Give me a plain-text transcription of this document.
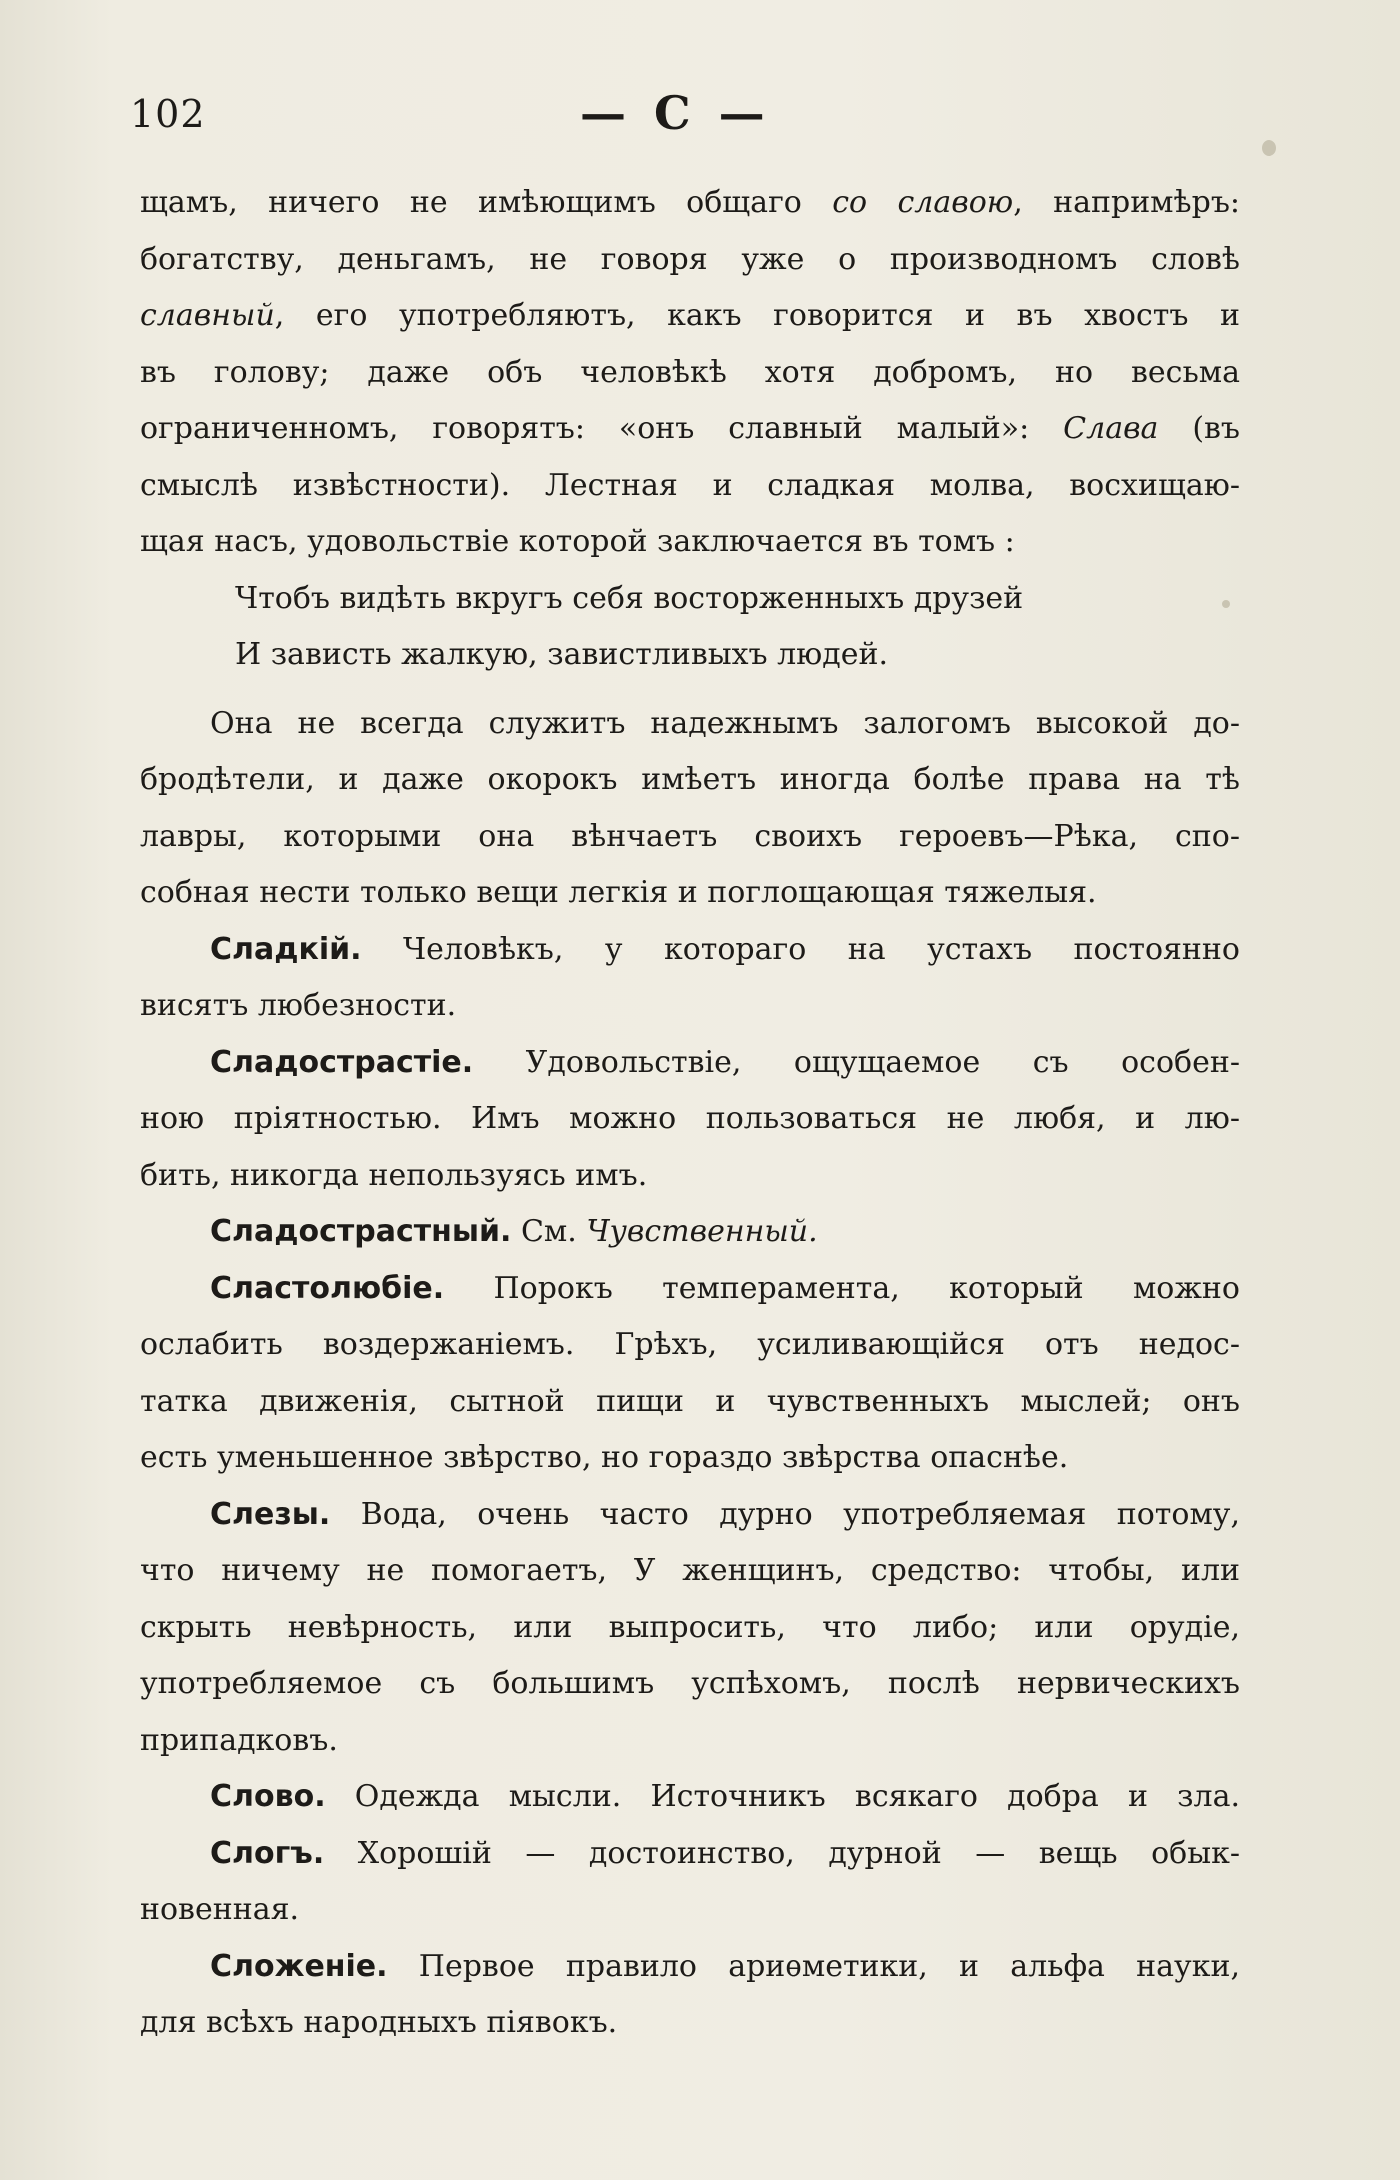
102	— С —
щамъ, ничего не имѣющимъ общаго со славою, напримѣръ:
богатству, деньгамъ, не говоря уже о производномъ словѣ
славный, его употребляютъ, какъ говорится и въ хвостъ и
въ голову; даже объ человѣкѣ хотя добромъ, но весьма
ограниченномъ, говорятъ: «онъ славный малый»: Слава (въ
смыслѣ извѣстности). Лестная и сладкая молва, восхищаю-
щая насъ, удовольствіе которой заключается въ томъ :
Чтобъ видѣть вкругъ себя восторженныхъ друзей
И зависть жалкую, завистливыхъ людей.
Она не всегда служитъ надежнымъ залогомъ высокой до-
бродѣтели, и даже окорокъ имѣетъ иногда болѣе права на тѣ
лавры, которыми она вѣнчаетъ своихъ героевъ—Рѣка, спо-
собная нести только вещи легкія и поглощающая тяжелыя.
Сладкій. Человѣкъ, у котораго на устахъ постоянно
висятъ любезности.
Сладострастіе. Удовольствіе, ощущаемое съ особен-
ною пріятностью. Имъ можно пользоваться не любя, и лю-
бить, никогда непользуясь имъ.
Сладострастный. См. Чувственный.
Сластолюбіе. Порокъ темперамента, который можно
ослабить воздержаніемъ. Грѣхъ, усиливающійся отъ недос-
татка движенія, сытной пищи и чувственныхъ мыслей; онъ
есть уменьшенное звѣрство, но гораздо звѣрства опаснѣе.
Слезы. Вода, очень часто дурно употребляемая потому,
что ничему не помогаетъ, У женщинъ, средство: чтобы, или
скрыть невѣрность, или выпросить, что либо; или орудіе,
употребляемое съ большимъ успѣхомъ, послѣ нервическихъ
припадковъ.
Слово. Одежда мысли. Источникъ всякаго добра и зла.
Слогъ. Хорошій — достоинство, дурной — вещь обык-
новенная.
Сложеніе. Первое правило ариѳметики, и альфа науки,
для всѣхъ народныхъ піявокъ.
